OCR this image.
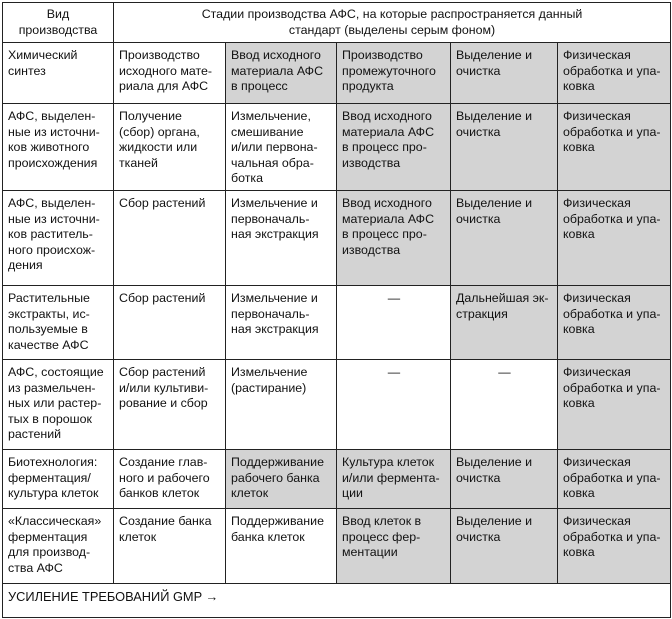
Вид
производства	Стадии производства АФС, на которые распространяется данный
стандарт (выделены серым фоном)				
Химический
синтез	Производство
исходного мате-
риала для АФС	Ввод исходного
материала АФС
в процесс	Производство
промежуточного
продукта	Выделение и
очистка	Физическая
обработка и упа-
ковка
АФС, выделен-
ные из источни-
ков животного
происхождения	Получение
(сбор) органа,
жидкости или
тканей	Измельчение,
смешивание
и/или первона-
чальная обра-
ботка	Ввод исходного
материала АФС
в процесс про-
изводства	Выделение и
очистка	Физическая
обработка и упа-
ковка
АФС, выделен-
ные из источни-
ков раститель-
ного происхож-
дения	Сбор растений	Измельчение и
первоначаль-
ная экстракция	Ввод исходного
материала АФС
в процесс про-
изводства	Выделение и
очистка	Физическая
обработка и упа-
ковка
Растительные
экстракты, ис-
пользуемые в
качестве АФС	Сбор растений	Измельчение и
первоначаль-
ная экстракция	—	Дальнейшая эк-
стракция	Физическая
обработка и упа-
ковка
АФС, состоящие
из размельчен-
ных или растер-
тых в порошок
растений	Сбор растений
и/или культиви-
рование и сбор	Измельчение
(растирание)	—	—	Физическая
обработка и упа-
ковка
Биотехнология:
ферментация/
культура клеток	Создание глав-
ного и рабочего
банков клеток	Поддерживание
рабочего банка
клеток	Культура клеток
и/или фермента-
ции	Выделение и
очистка	Физическая
обработка и упа-
ковка
«Классическая»
ферментация
для производ-
ства АФС	Создание банка
клеток	Поддерживание
банка клеток	Ввод клеток в
процесс фер-
ментации	Выделение и
очистка	Физическая
обработка и упа-
ковка
УСИЛЕНИЕ ТРЕБОВАНИЙ GMP →					
